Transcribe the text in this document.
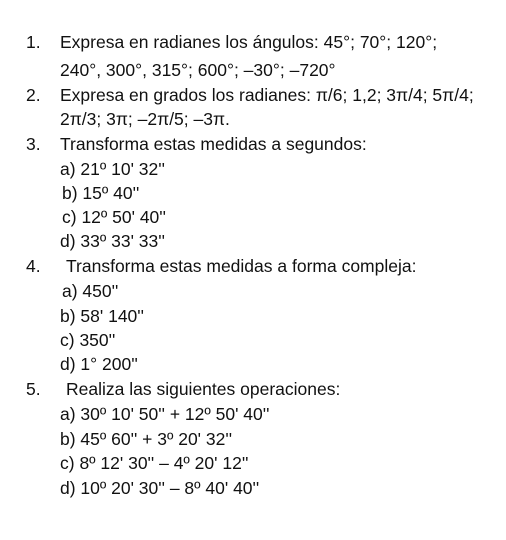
1. Expresa en radianes los ángulos: 45°; 70°; 120°;
240°, 300°, 315°; 600°; –30°; –720°
2. Expresa en grados los radianes: π/6; 1,2; 3π/4; 5π/4;
2π/3; 3π; –2π/5; –3π.
3. Transforma estas medidas a segundos:
a) 21º 10' 32''
b) 15º 40''
c) 12º 50' 40''
d) 33º 33' 33''
4. Transforma estas medidas a forma compleja:
a) 450''
b) 58' 140''
c) 350''
d) 1° 200''
5. Realiza las siguientes operaciones:
a) 30º 10' 50'' + 12º 50' 40''
b) 45º 60'' + 3º 20' 32''
c) 8º 12' 30'' – 4º 20' 12''
d) 10º 20' 30'' – 8º 40' 40''
